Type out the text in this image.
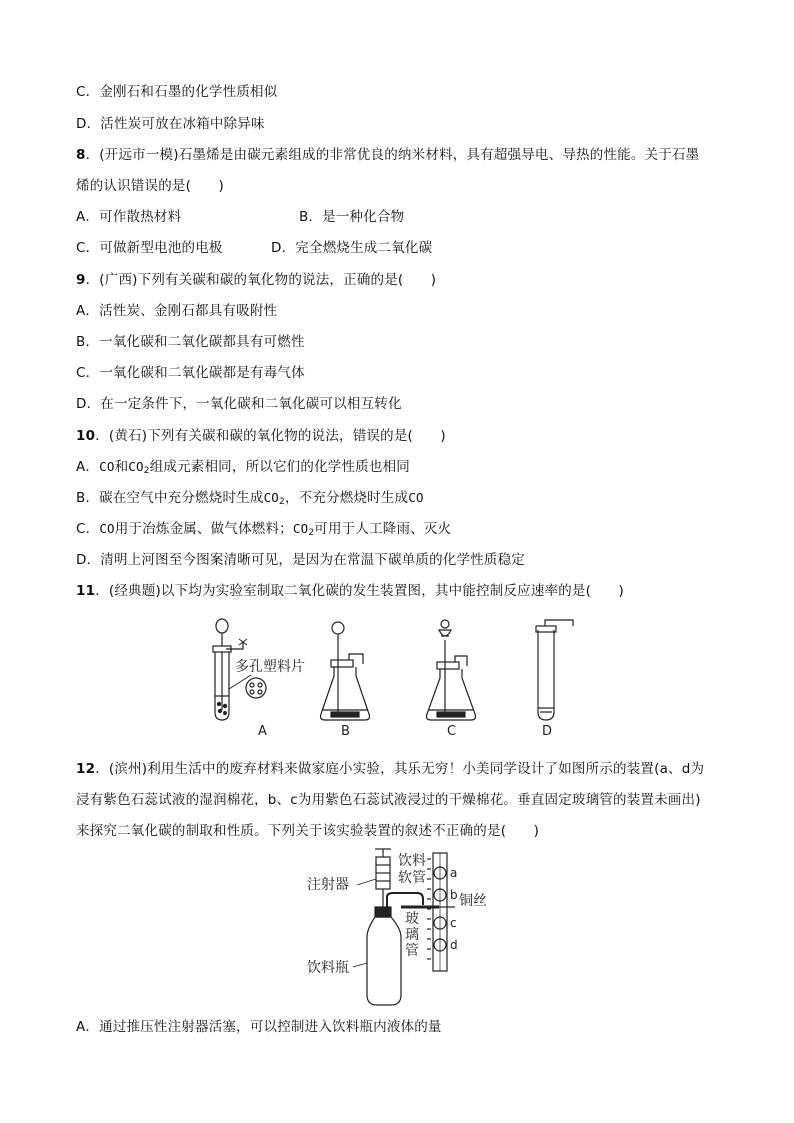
C．金刚石和石墨的化学性质相似
D．活性炭可放在冰箱中除异味
8．(开远市一模)石墨烯是由碳元素组成的非常优良的纳米材料，具有超强导电、导热的性能。关于石墨
烯的认识错误的是(　　)
A．可作散热材料	B．是一种化合物
C．可做新型电池的电极	D．完全燃烧生成二氧化碳
9．(广西)下列有关碳和碳的氧化物的说法，正确的是(　　)
A．活性炭、金刚石都具有吸附性
B．一氧化碳和二氧化碳都具有可燃性
C．一氧化碳和二氧化碳都是有毒气体
D．在一定条件下，一氧化碳和二氧化碳可以相互转化
10．(黄石)下列有关碳和碳的氧化物的说法，错误的是(　　)
A．CO和$CO_2$组成元素相同，所以它们的化学性质也相同
B．碳在空气中充分燃烧时生成$CO_2$，不充分燃烧时生成CO
C．CO用于冶炼金属、做气体燃料；$CO_2$可用于人工降雨、灭火
D．清明上河图至今图案清晰可见，是因为在常温下碳单质的化学性质稳定
11．(经典题)以下均为实验室制取二氧化碳的发生装置图，其中能控制反应速率的是(　　)
多孔塑料片
A	B	C	D
12．(滨州)利用生活中的废弃材料来做家庭小实验，其乐无穷！小美同学设计了如图所示的装置(a、d为
浸有紫色石蕊试液的湿润棉花，b、c为用紫色石蕊试液浸过的干燥棉花。垂直固定玻璃管的装置未画出)
来探究二氧化碳的制取和性质。下列关于该实验装置的叙述不正确的是(　　)
注射器
饮料瓶
饮料
软管
铜丝
a
b
c
d
玻
璃
管
A．通过推压性注射器活塞，可以控制进入饮料瓶内液体的量
